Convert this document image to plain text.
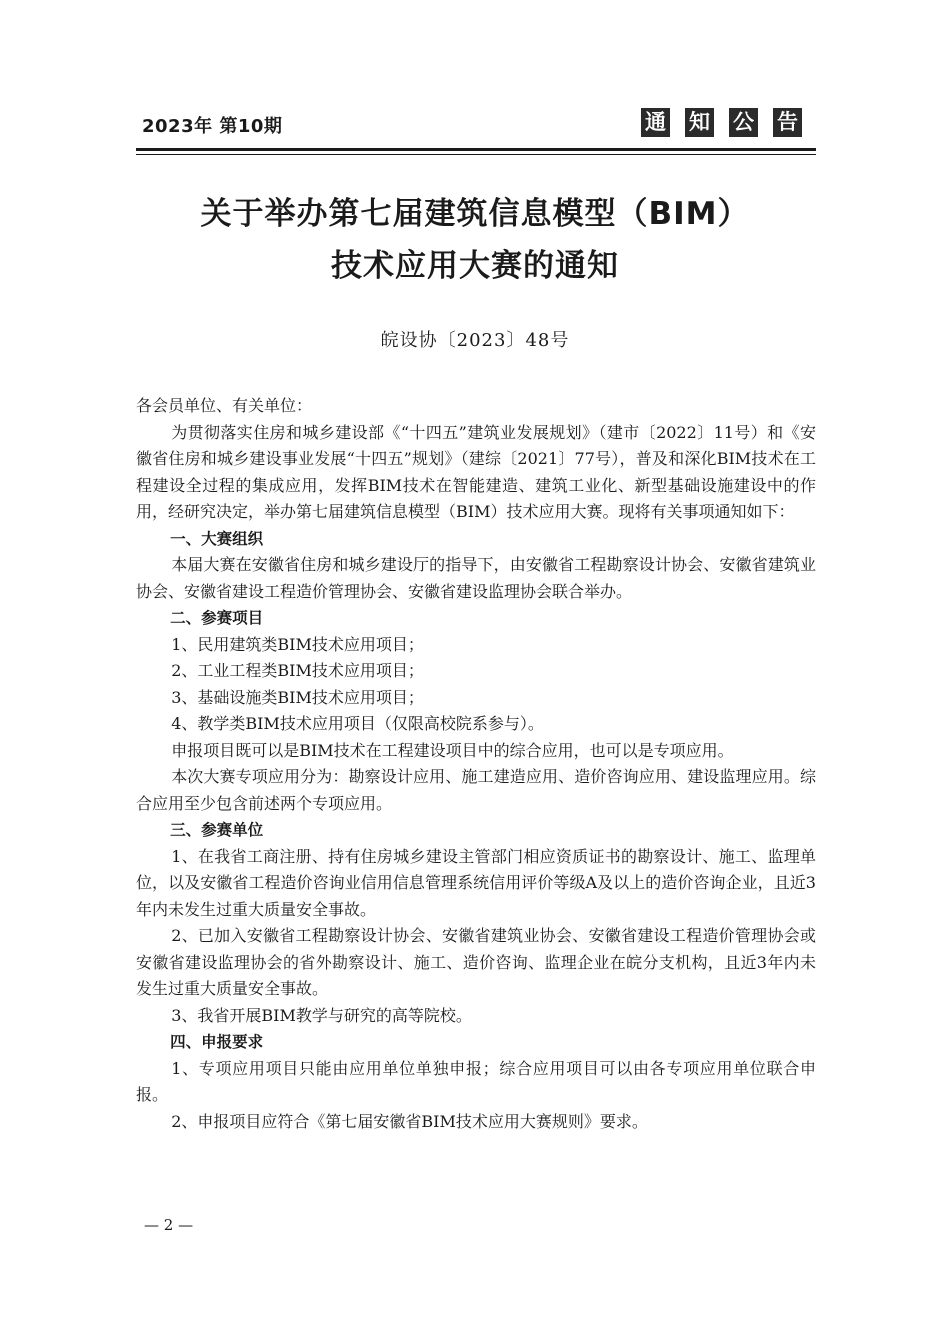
2023年 第10期	通 知 公 告
关于举办第七届建筑信息模型（BIM）
技术应用大赛的通知
皖设协〔2023〕48号

各会员单位、有关单位：

为贯彻落实住房和城乡建设部《“十四五”建筑业发展规划》（建市〔2022〕11号）和《安徽省住房和城乡建设事业发展“十四五”规划》（建综〔2021〕77号），普及和深化BIM技术在工程建设全过程的集成应用，发挥BIM技术在智能建造、建筑工业化、新型基础设施建设中的作用，经研究决定，举办第七届建筑信息模型（BIM）技术应用大赛。现将有关事项通知如下：

一、大赛组织

本届大赛在安徽省住房和城乡建设厅的指导下，由安徽省工程勘察设计协会、安徽省建筑业协会、安徽省建设工程造价管理协会、安徽省建设监理协会联合举办。

二、参赛项目

1、民用建筑类BIM技术应用项目；

2、工业工程类BIM技术应用项目；

3、基础设施类BIM技术应用项目；

4、教学类BIM技术应用项目（仅限高校院系参与）。

申报项目既可以是BIM技术在工程建设项目中的综合应用，也可以是专项应用。

本次大赛专项应用分为：勘察设计应用、施工建造应用、造价咨询应用、建设监理应用。综合应用至少包含前述两个专项应用。

三、参赛单位

1、在我省工商注册、持有住房城乡建设主管部门相应资质证书的勘察设计、施工、监理单位，以及安徽省工程造价咨询业信用信息管理系统信用评价等级A及以上的造价咨询企业，且近3年内未发生过重大质量安全事故。

2、已加入安徽省工程勘察设计协会、安徽省建筑业协会、安徽省建设工程造价管理协会或安徽省建设监理协会的省外勘察设计、施工、造价咨询、监理企业在皖分支机构，且近3年内未发生过重大质量安全事故。

3、我省开展BIM教学与研究的高等院校。

四、申报要求

1、专项应用项目只能由应用单位单独申报；综合应用项目可以由各专项应用单位联合申报。

2、申报项目应符合《第七届安徽省BIM技术应用大赛规则》要求。

— 2 —
